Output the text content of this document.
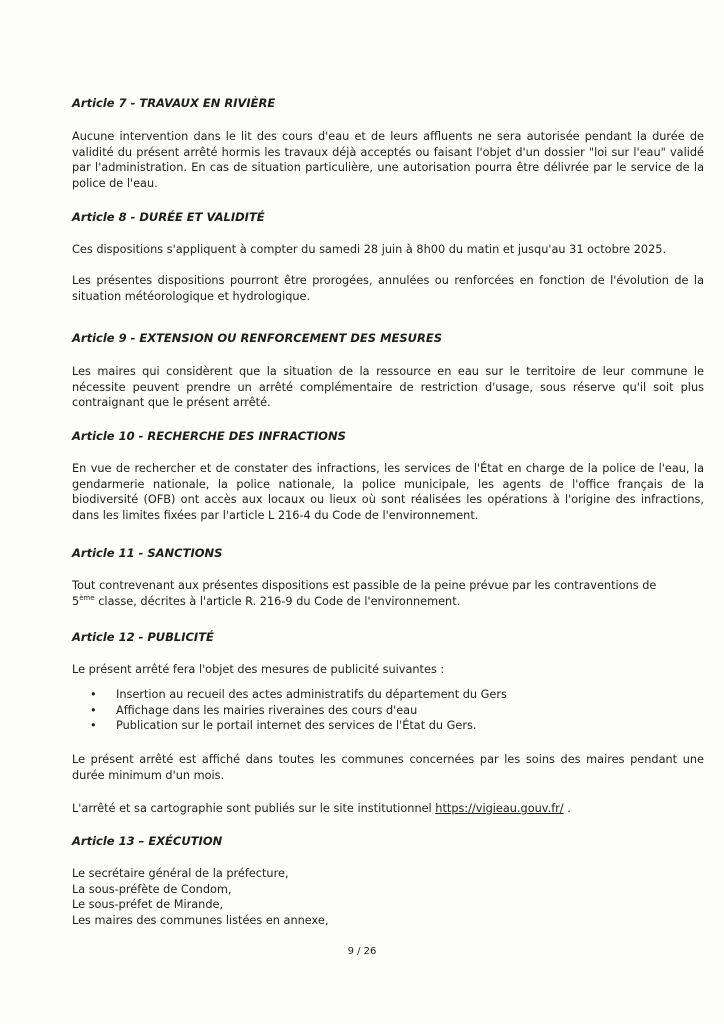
Article 7 - TRAVAUX EN RIVIÈRE

Aucune intervention dans le lit des cours d'eau et de leurs affluents ne sera autorisée pendant la durée de validité du présent arrêté hormis les travaux déjà acceptés ou faisant l'objet d'un dossier "loi sur l'eau" validé par l'administration. En cas de situation particulière, une autorisation pourra être délivrée par le service de la police de l'eau.

Article 8 - DURÉE ET VALIDITÉ

Ces dispositions s'appliquent à compter du samedi 28 juin à 8h00 du matin et jusqu'au 31 octobre 2025.

Les présentes dispositions pourront être prorogées, annulées ou renforcées en fonction de l'évolution de la situation météorologique et hydrologique.

Article 9 - EXTENSION OU RENFORCEMENT DES MESURES

Les maires qui considèrent que la situation de la ressource en eau sur le territoire de leur commune le nécessite peuvent prendre un arrêté complémentaire de restriction d'usage, sous réserve qu'il soit plus contraignant que le présent arrêté.

Article 10 - RECHERCHE DES INFRACTIONS

En vue de rechercher et de constater des infractions, les services de l'État en charge de la police de l'eau, la gendarmerie nationale, la police nationale, la police municipale, les agents de l'office français de la biodiversité (OFB) ont accès aux locaux ou lieux où sont réalisées les opérations à l'origine des infractions, dans les limites fixées par l'article L 216-4 du Code de l'environnement.

Article 11 - SANCTIONS
Tout contrevenant aux présentes dispositions est passible de la peine prévue par les contraventions de
5ème classe, décrites à l'article R. 216-9 du Code de l'environnement.
Article 12 - PUBLICITÉ
Le présent arrêté fera l'objet des mesures de publicité suivantes :
• Insertion au recueil des actes administratifs du département du Gers
• Affichage dans les mairies riveraines des cours d'eau
• Publication sur le portail internet des services de l'État du Gers.

Le présent arrêté est affiché dans toutes les communes concernées par les soins des maires pendant une durée minimum d'un mois.

L'arrêté et sa cartographie sont publiés sur le site institutionnel https://vigieau.gouv.fr/ .
Article 13 – EXÉCUTION
Le secrétaire général de la préfecture,
La sous-préfète de Condom,
Le sous-préfet de Mirande,
Les maires des communes listées en annexe,
9 / 26
